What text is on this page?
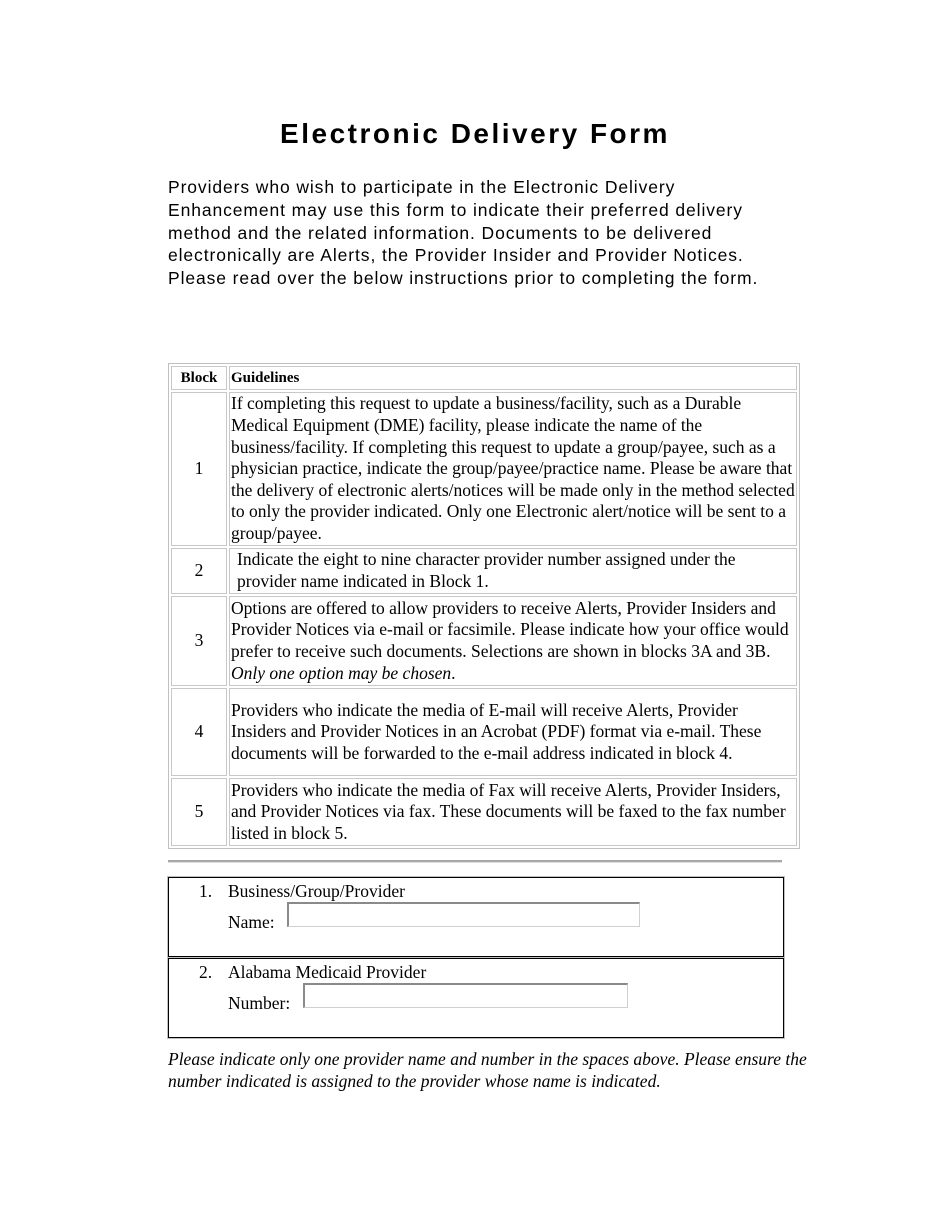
Electronic Delivery Form

Providers who wish to participate in the Electronic Delivery Enhancement may use this form to indicate their preferred delivery method and the related information. Documents to be delivered electronically are Alerts, the Provider Insider and Provider Notices. Please read over the below instructions prior to completing the form.

Block	Guidelines
1	If completing this request to update a business/facility, such as a Durable Medical Equipment (DME) facility, please indicate the name of the business/facility. If completing this request to update a group/payee, such as a physician practice, indicate the group/payee/practice name. Please be aware that the delivery of electronic alerts/notices will be made only in the method selected to only the provider indicated. Only one Electronic alert/notice will be sent to a group/payee.
2	Indicate the eight to nine character provider number assigned under the provider name indicated in Block 1.
3	Options are offered to allow providers to receive Alerts, Provider Insiders and Provider Notices via e-mail or facsimile. Please indicate how your office would prefer to receive such documents. Selections are shown in blocks 3A and 3B.  Only one option may be chosen.
4	Providers who indicate the media of E-mail will receive Alerts, Provider Insiders and Provider Notices in an Acrobat (PDF) format via e-mail. These documents will be forwarded to the e-mail address indicated in block 4.
5	Providers who indicate the media of Fax will receive Alerts, Provider Insiders, and Provider Notices via fax. These documents will be faxed to the fax number listed in block 5.
1. Business/Group/Provider
Name:
2. Alabama Medicaid Provider
Number:

Please indicate only one provider name and number in the spaces above. Please ensure the number indicated is assigned to the provider whose name is indicated.
